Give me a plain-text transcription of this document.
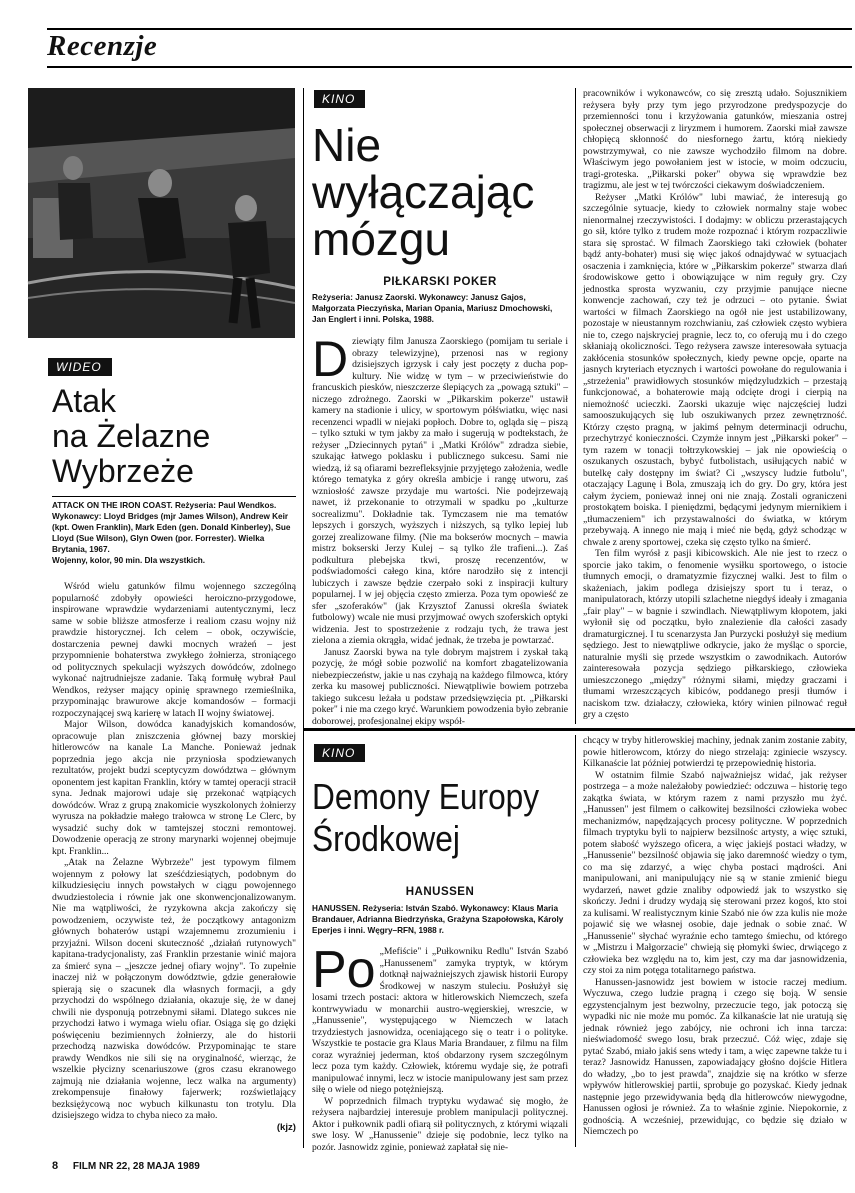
Recenzje
WIDEO
Atak
na Żelazne
Wybrzeże
ATTACK ON THE IRON COAST. Reżyseria: Paul Wendkos. Wykonawcy: Lloyd Bridges (mjr James Wilson), Andrew Keir (kpt. Owen Franklin), Mark Eden (gen. Donald Kinberley), Sue Lloyd (Sue Wilson), Glyn Owen (por. Forrester). Wielka Brytania, 1967.
Wojenny, kolor, 90 min. Dla wszystkich.

Wśród wielu gatunków filmu wojennego szczególną popularność zdobyły opowieści heroiczno-przygodowe, inspirowane wprawdzie wydarzeniami autentycznymi, lecz same w sobie bliższe atmosferze i realiom czasu wojny niż prawdzie historycznej. Ich celem – obok, oczywiście, dostarczenia pewnej dawki mocnych wrażeń – jest przypomnienie bohaterstwa zwykłego żołnierza, stroniącego od politycznych spekulacji wyższych dowódców, zdolnego wykonać najtrudniejsze zadanie. Taką formułę wybrał Paul Wendkos, reżyser mający opinię sprawnego rzemieślnika, przypominając brawurowe akcje komandosów – formacji rozpoczynającej swą karierę w latach II wojny światowej.

Major Wilson, dowódca kanadyjskich komandosów, opracowuje plan zniszczenia głównej bazy morskiej hitlerowców na kanale La Manche. Ponieważ jednak poprzednia jego akcja nie przyniosła spodziewanych rezultatów, projekt budzi sceptycyzm dowództwa – głównym oponentem jest kapitan Franklin, który w tamtej operacji stracił syna. Jednak majorowi udaje się przekonać wątpiących dowódców. Wraz z grupą znakomicie wyszkolonych żołnierzy wyrusza na pokładzie małego trałowca w stronę Le Clerc, by wysadzić suchy dok w tamtejszej stoczni remontowej. Dowodzenie operacją ze strony marynarki wojennej obejmuje kpt. Franklin...

„Atak na Żelazne Wybrzeże" jest typowym filmem wojennym z połowy lat sześćdziesiątych, podobnym do kilkudziesięciu innych powstałych w ciągu powojennego dwudziestolecia i równie jak one skonwencjonalizowanym. Nie ma wątpliwości, że ryzykowna akcja zakończy się powodzeniem, oczywiste też, że początkowy antagonizm głównych bohaterów ustąpi wzajemnemu zrozumieniu i przyjaźni. Wilson doceni skuteczność „działań rutynowych" kapitana-tradycjonalisty, zaś Franklin przestanie winić majora za śmierć syna – „jeszcze jednej ofiary wojny". To zupełnie inaczej niż w połączonym dowództwie, gdzie generałowie spierają się o szacunek dla własnych formacji, a gdy przychodzi do wspólnego działania, okazuje się, że w danej chwili nie dysponują potrzebnymi siłami. Dlatego sukces nie przychodzi łatwo i wymaga wielu ofiar. Osiąga się go dzięki poświęceniu bezimiennych żołnierzy, ale do historii przechodzą nazwiska dowódców. Przypominając te stare prawdy Wendkos nie sili się na oryginalność, wierząc, że wszelkie płycizny scenariuszowe (gros czasu ekranowego zajmują nie działania wojenne, lecz walka na argumenty) zrekompensuje finałowy fajerwerk; rozświetlający bezksiężycową noc wybuch kilkunastu ton trotylu. Dla dzisiejszego widza to chyba nieco za mało.

(kjz)
KINO
Nie
wyłączając
mózgu
PIŁKARSKI POKER
Reżyseria: Janusz Zaorski. Wykonawcy: Janusz Gajos, Małgorzata Pieczyńska, Marian Opania, Mariusz Dmochowski, Jan Englert i inni. Polska, 1988.

Dziewiąty film Janusza Zaorskiego (pomijam tu seriale i obrazy telewizyjne), przenosi nas w regiony dzisiejszych igrzysk i cały jest poczęty z ducha pop-kultury. Nie widzę w tym – w przeciwieństwie do francuskich piesków, nieszczerze ślepiących za „powagą sztuki" – niczego zdrożnego. Zaorski w „Piłkarskim pokerze" ustawił kamery na stadionie i ulicy, w sportowym półświatku, więc nasi recenzenci wpadli w niejaki popłoch. Dobre to, ogląda się – piszą – tylko sztuki w tym jakby za mało i sugerują w podtekstach, że reżyser „Dziecinnych pytań" i „Matki Królów" zdradza siebie, szukając łatwego poklasku i publicznego sukcesu. Sami nie wiedzą, iż są ofiarami bezrefleksyjnie przyjętego założenia, wedle którego tematyka z góry określa ambicje i rangę utworu, zaś wzniosłość zawsze przydaje mu wartości. Nie podejrzewają nawet, iż przekonanie to otrzymali w spadku po „kulturze socrealizmu". Dokładnie tak. Tymczasem nie ma tematów lepszych i gorszych, wyższych i niższych, są tylko lepiej lub gorzej zrealizowane filmy. (Nie ma bokserów mocnych – mawia mistrz bokserski Jerzy Kulej – są tylko źle trafieni...). Zaś podkultura plebejska tkwi, proszę recenzentów, w podświadomości całego kina, które narodziło się z intencji lubiczych i zawsze będzie czerpało soki z inspiracji kultury popularnej. I w jej objęcia często zmierza. Poza tym opowieść ze sfer „szoferaków" (jak Krzysztof Zanussi określa światek futbolowy) wcale nie musi przyjmować owych szoferskich optyki widzenia. Jest to spostrzeżenie z rodzaju tych, że trawa jest zielona a ziemia okrągła, widać jednak, że trzeba je powtarzać.

Janusz Zaorski bywa na tyle dobrym majstrem i zyskał taką pozycję, że mógł sobie pozwolić na komfort zbagatelizowania niebezpieczeństw, jakie u nas czyhają na każdego filmowca, który zerka ku masowej publiczności. Niewątpliwie bowiem potrzeba takiego sukcesu leżała u podstaw przedsięwzięcia pt. „Piłkarski poker" i nie ma czego kryć. Warunkiem powodzenia było zebranie doborowej, profesjonalnej ekipy współ-

pracowników i wykonawców, co się zresztą udało. Sojusznikiem reżysera były przy tym jego przyrodzone predyspozycje do przemienności tonu i krzyżowania gatunków, mieszania ostrej społecznej obserwacji z liryzmem i humorem. Zaorski miał zawsze chłopięcą skłonność do niesfornego żartu, którą niekiedy powstrzymywał, co nie zawsze wychodziło filmom na dobre. Właściwym jego powołaniem jest w istocie, w moim odczuciu, tragi-groteska. „Piłkarski poker" obywa się wprawdzie bez tragizmu, ale jest w tej twórczości ciekawym doświadczeniem.

Reżyser „Matki Królów" lubi mawiać, że interesują go szczególnie sytuacje, kiedy to człowiek normalny staje wobec nienormalnej rzeczywistości. I dodajmy: w obliczu przerastających go sił, które tylko z trudem może rozpoznać i którym rozpaczliwie stara się sprostać. W filmach Zaorskiego taki człowiek (bohater bądź anty-bohater) musi się więc jakoś odnajdywać w sytuacjach osaczenia i zamknięcia, które w „Piłkarskim pokerze" stwarza dlań środowiskowe getto i obowiązujące w nim reguły gry. Czy jednostka sprosta wyzwaniu, czy przyjmie panujące niecne konwencje zachowań, czy też je odrzuci – oto pytanie. Świat wartości w filmach Zaorskiego na ogół nie jest ustabilizowany, pozostaje w nieustannym rozchwianiu, zaś człowiek często wybiera nie to, czego najskryciej pragnie, lecz to, co oferują mu i do czego skłaniają okoliczności. Tego reżysera zawsze interesowała sytuacja zakłócenia stosunków społecznych, kiedy pewne opcje, oparte na jasnych kryteriach etycznych i wartości powołane do regulowania i „strzeżenia" prawidłowych stosunków międzyludzkich – przestają funkcjonować, a bohaterowie mają odcięte drogi i cierpią na niemożność ucieczki. Zaorski ukazuje więc najczęściej ludzi samooszukujących się lub oszukiwanych przez zewnętrzność. Którzy często pragną, w jakimś pełnym determinacji odruchu, przechytrzyć konieczności. Czymże innym jest „Piłkarski poker" – tym razem w tonacji tołtrzykowskiej – jak nie opowieścią o oszukanych oszustach, bybyć futbolistach, usiłujących nabić w butelkę cały dostępny im świat? Ci „wszyscy ludzie futbolu", otaczający Lagunę i Bola, zmuszają ich do gry. Do gry, która jest całym życiem, ponieważ innej oni nie znają. Zostali ograniczeni prostokątem boiska. I pieniędzmi, będącymi jedynym miernikiem i „tłumaczeniem" ich przystawalności do światka, w którym przebywają. A innego nie mają i mieć nie będą, gdyż schodząc w chwale z areny sportowej, czeka się często tylko na śmierć.

Ten film wyrósł z pasji kibicowskich. Ale nie jest to rzecz o sporcie jako takim, o fenomenie wysiłku sportowego, o istocie tłumnych emocji, o dramatyzmie fizycznej walki. Jest to film o skażeniach, jakim podlega dzisiejszy sport tu i teraz, o manipulatorach, którzy utopili szlachetne niegdyś ideały i zmagania „fair play" – w bagnie i szwindlach. Niewątpliwym kłopotem, jaki wyłonił się od początku, było znalezienie dla całości zasady dramaturgicznej. I tu scenarzysta Jan Purzycki posłużył się medium sędziego. Jest to niewątpliwe odkrycie, jako że myśląc o sporcie, naturalnie myśli się przede wszystkim o zawodnikach. Autorów zainteresowała pozycja sędziego piłkarskiego, człowieka umieszczonego „między" różnymi siłami, między graczami i tłumami wrzeszczących kibiców, poddanego presji tłumów i naciskom tzw. działaczy, człowieka, który winien pilnować reguł gry a często

KINO
Demony Europy
Środkowej
HANUSSEN
HANUSSEN. Reżyseria: István Szabó. Wykonawcy: Klaus Maria Brandauer, Adrianna Biedrzyńska, Grażyna Szapołowska, Károly Eperjes i inni. Węgry–RFN, 1988 r.

Po „Mefiście" i „Pułkowniku Redlu" István Szabó „Hanussenem" zamyka tryptyk, w którym dotknął najważniejszych zjawisk historii Europy Środkowej w naszym stuleciu. Posłużył się losami trzech postaci: aktora w hitlerowskich Niemczech, szefa kontrwywiadu w monarchii austro-węgierskiej, wreszcie, w „Hanussenie", występującego w Niemczech w latach trzydziestych jasnowidza, oceniającego się o teatr i o polityke. Wszystkie te postacie gra Klaus Maria Brandauer, z filmu na film coraz wyraźniej jederman, ktoś obdarzony rysem szczególnym lecz poza tym każdy. Człowiek, któremu wydaje się, że potrafi manipulować innymi, lecz w istocie manipulowany jest sam przez siłę o wiele od niego potężniejszą.

W poprzednich filmach tryptyku wydawać się mogło, że reżysera najbardziej interesuje problem manipulacji politycznej. Aktor i pułkownik padli ofiarą sił politycznych, z którymi wiązali swe losy. W „Hanussenie" dzieje się podobnie, lecz tylko na pozór. Jasnowidz zginie, ponieważ zapłatał się nie-

chcący w tryby hitlerowskiej machiny, jednak zanim zostanie zabity, powie hitlerowcom, którzy do niego strzelają: zginiecie wszyscy. Kilkanaście lat później potwierdzi tę przepowiednię historia.

W ostatnim filmie Szabó najważniejsz widać, jak reżyser postrzega – a może należałoby powiedzieć: odczuwa – historię tego zakątka świata, w którym razem z nami przyszło mu żyć. „Hanussen" jest filmem o całkowitej bezsilności człowieka wobec mechanizmów, napędzających procesy polityczne. W poprzednich filmach tryptyku byli to najpierw bezsilnośc artysty, a więc sztuki, potem słabość wyższego oficera, a więc jakiejś postaci władzy, w „Hanussenie" bezsilność objawia się jako daremność wiedzy o tym, co ma się zdarzyć, a więc chyba postaci mądrości. Ani manipulowani, ani manipulujący nie są w stanie zmienić biegu wydarzeń, nawet gdzie znaliby odpowiedź jak to wszystko się skończy. Jedni i drudzy wydają się sterowani przez kogoś, kto stoi za kulisami. W realistycznym kinie Szabó nie ów zza kulis nie może pojawić się we własnej osobie, daje jednak o sobie znać. W „Hanussenie" słychać wyraźnie echo tamtego śmiechu, od którego w „Mistrzu i Małgorzacie" chwieją się płomyki świec, drwiącego z człowieka bez względu na to, kim jest, czy ma dar jasnowidzenia, czy stoi za nim potęga totalitarnego państwa.

Hanussen-jasnowidz jest bowiem w istocie raczej medium. Wyczuwa, czego ludzie pragną i czego się boją. W sensie egzystencjalnym jest bezwolny, przeczucie tego, jak potoczą się wypadki nic nie może mu pomóc. Za kilkanaście lat nie uratują się jednak również jego zabójcy, nie ochroni ich inna tarcza: nieświadomość swego losu, brak przeczuć. Cóż więc, zdaje się pytać Szabó, miało jakiś sens wtedy i tam, a więc zapewne także tu i teraz? Jasnowidz Hanussen, zapowiadający głośno dojście Hitlera do władzy, „bo to jest prawda", znajdzie się na krótko w sferze wpływów hitlerowskiej partii, sprobuje go pozyskać. Kiedy jednak następnie jego przewidywania będą dla hitlerowców niewygodne, Hanussen ogłosi je również. Za to właśnie zginie. Niepokornie, z godnością. A wcześniej, przewidując, co będzie się działo w Niemczech po

8 FILM NR 22, 28 MAJA 1989
